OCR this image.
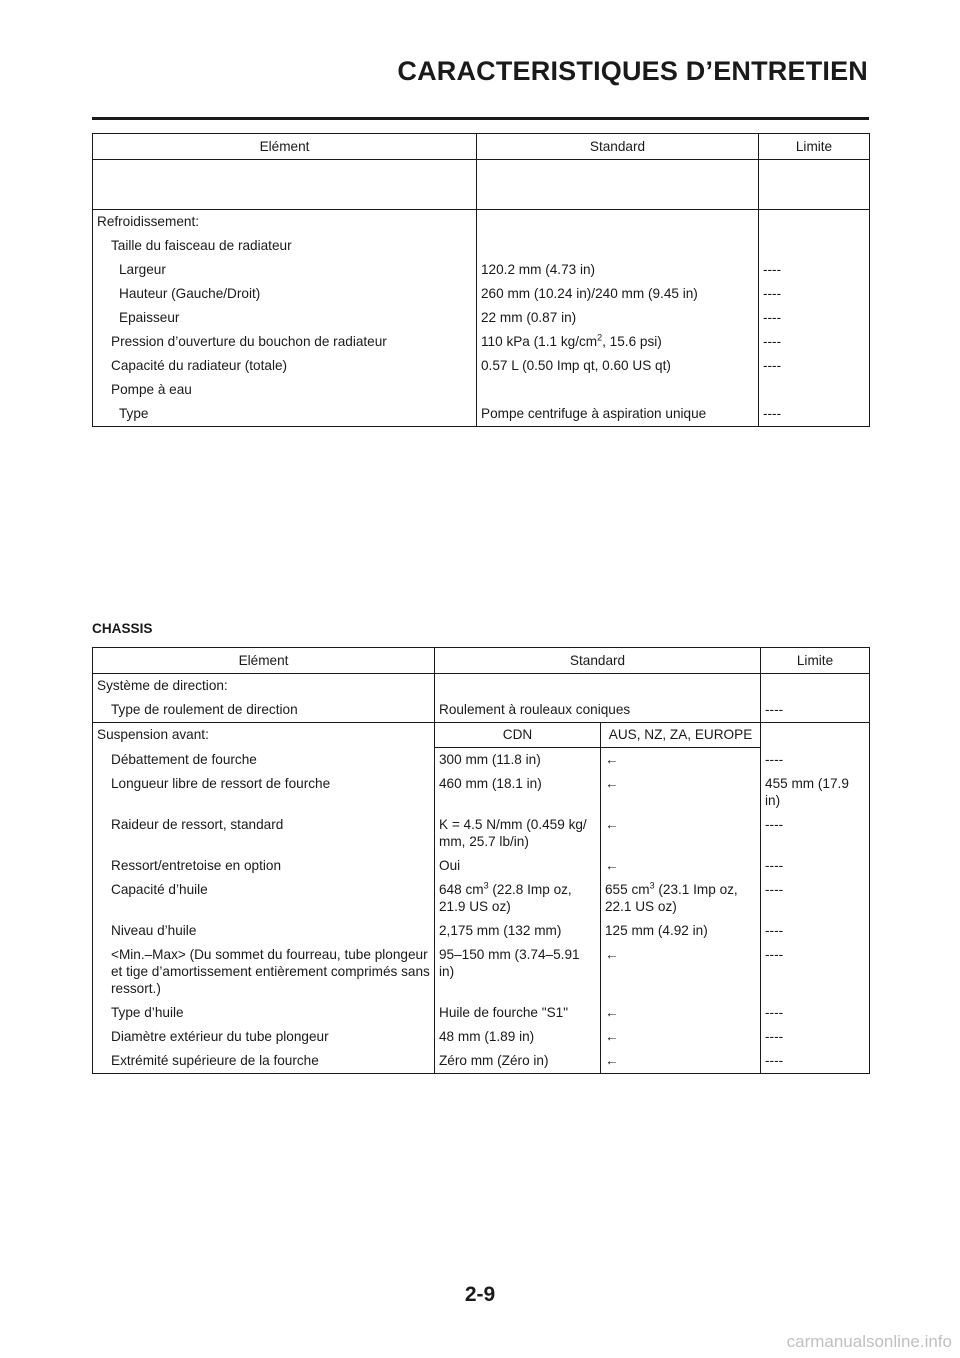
CARACTERISTIQUES D’ENTRETIEN
Elément	Standard	Limite

Refroidissement:		
Taille du faisceau de radiateur		
Largeur	120.2 mm (4.73 in)	----
Hauteur (Gauche/Droit)	260 mm (10.24 in)/240 mm (9.45 in)	----
Epaisseur	22 mm (0.87 in)	----
Pression d’ouverture du bouchon de radiateur	110 kPa (1.1 $kg/cm^2$, 15.6 psi)	----
Capacité du radiateur (totale)	0.57 L (0.50 Imp qt, 0.60 US qt)	----
Pompe à eau		
Type	Pompe centrifuge à aspiration unique	----
CHASSIS
Elément	Standard		Limite
Système de direction:			
Type de roulement de direction	Roulement à rouleaux coniques		----
Suspension avant:	CDN	AUS, NZ, ZA, EUROPE	
Débattement de fourche	300 mm (11.8 in)	←	----
Longueur libre de ressort de fourche	460 mm (18.1 in)	←	455 mm (17.9 in)
Raideur de ressort, standard	K = 4.5 N/mm (0.459 kg/ mm, 25.7 lb/in)	←	----
Ressort/entretoise en option	Oui	←	----
Capacité d’huile	648 $cm^3$ (22.8 Imp oz, 21.9 US oz)	655 $cm^3$ (23.1 Imp oz, 22.1 US oz)	----
Niveau d’huile	2,175 mm (132 mm)	125 mm (4.92 in)	----
<Min.–Max> (Du sommet du fourreau, tube plongeur et tige d’amortissement entièrement comprimés sans ressort.)	95–150 mm (3.74–5.91 in)	←	----
Type d’huile	Huile de fourche "S1"	←	----
Diamètre extérieur du tube plongeur	48 mm (1.89 in)	←	----
Extrémité supérieure de la fourche	Zéro mm (Zéro in)	←	----
2-9
carmanualsonline.info
